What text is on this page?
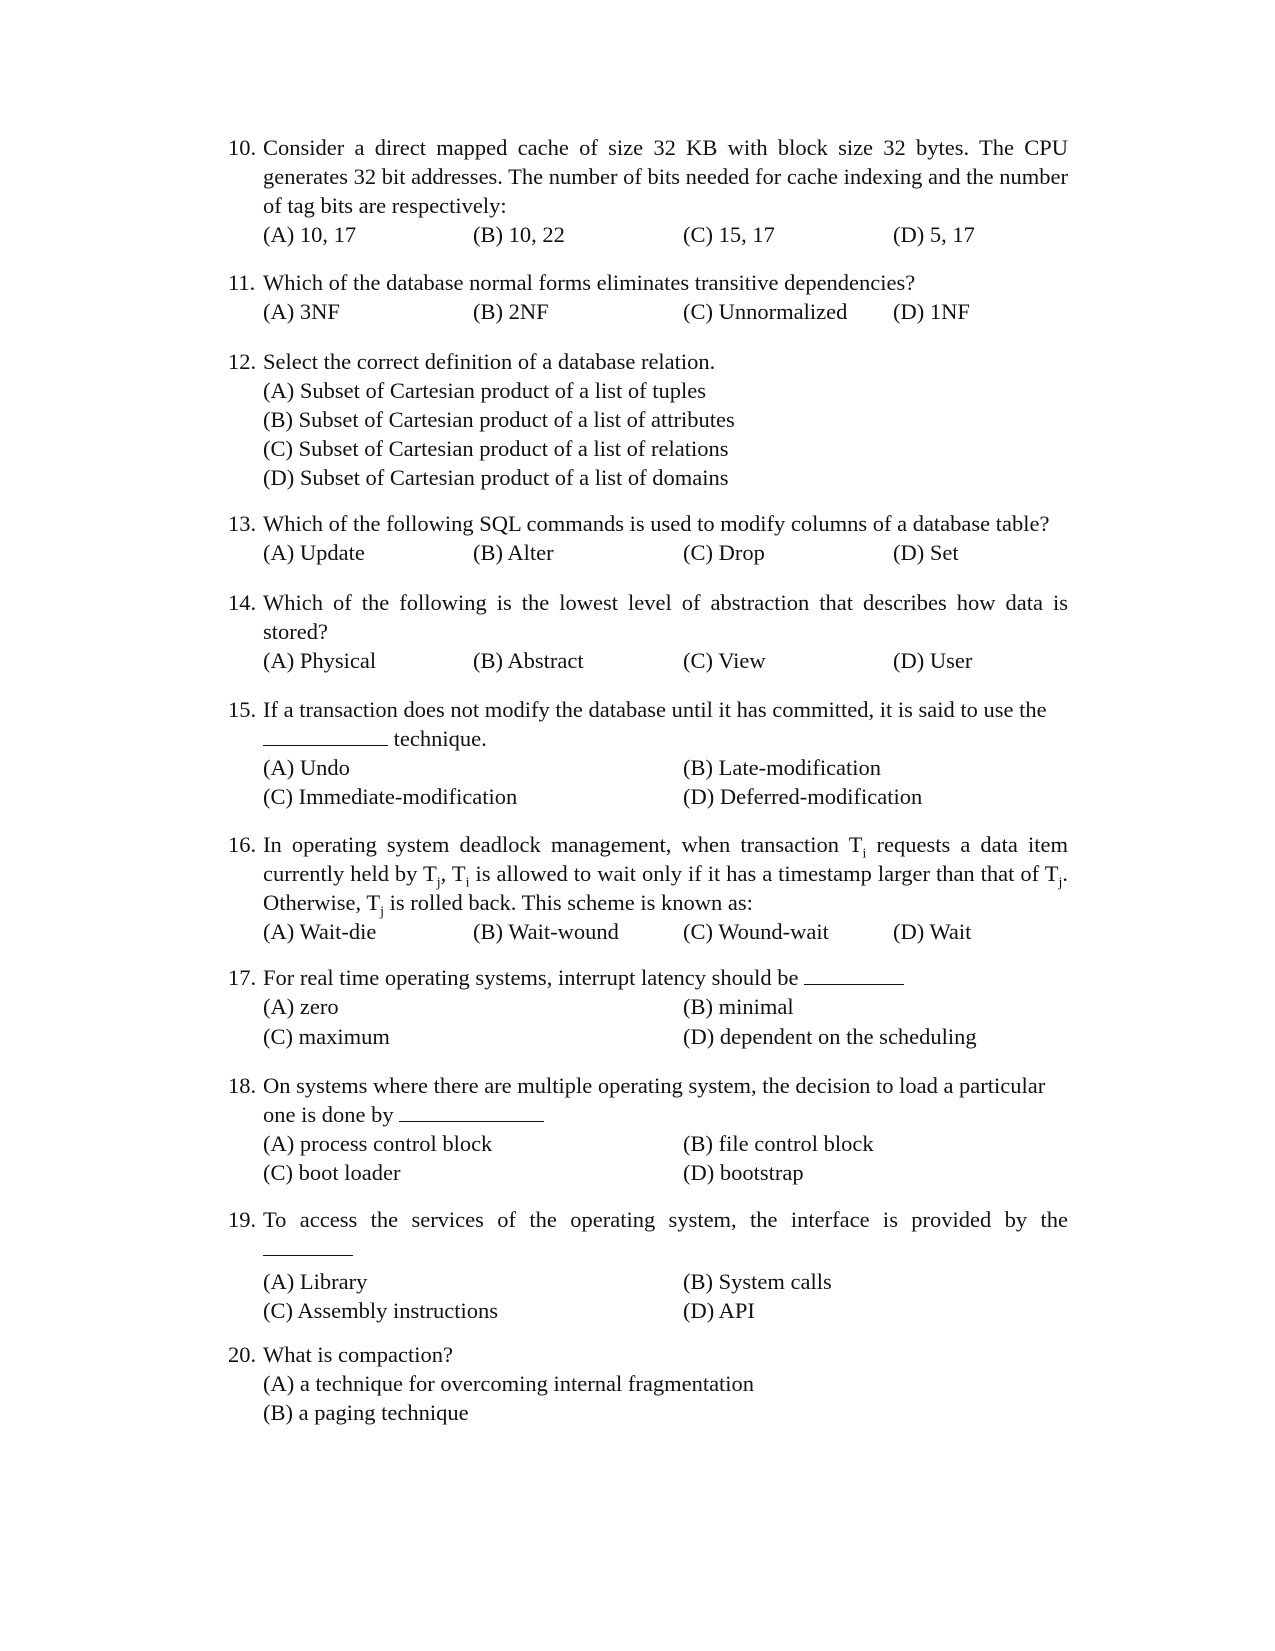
10. Consider a direct mapped cache of size 32 KB with block size 32 bytes. The CPU generates 32 bit addresses. The number of bits needed for cache indexing and the number of tag bits are respectively:
(A) 10, 17	(B) 10, 22	(C) 15, 17	(D) 5, 17
11. Which of the database normal forms eliminates transitive dependencies?
(A) 3NF	(B) 2NF	(C) Unnormalized (D) 1NF
12. Select the correct definition of a database relation.
(A) Subset of Cartesian product of a list of tuples
(B) Subset of Cartesian product of a list of attributes
(C) Subset of Cartesian product of a list of relations
(D) Subset of Cartesian product of a list of domains
13. Which of the following SQL commands is used to modify columns of a database table?
(A) Update	(B) Alter	(C) Drop	(D) Set
14. Which of the following is the lowest level of abstraction that describes how data is stored?
(A) Physical	(B) Abstract	(C) View	(D) User
15. If a transaction does not modify the database until it has committed, it is said to use the
technique.
(A) Undo	(B) Late-modification
(C) Immediate-modification	(D) Deferred-modification
16. In operating system deadlock management, when transaction $T_i$ requests a data item currently held by $T_j$, $T_i$ is allowed to wait only if it has a timestamp larger than that of $T_j$. Otherwise, $T_j$ is rolled back. This scheme is known as:
(A) Wait-die	(B) Wait-wound	(C) Wound-wait	(D) Wait
17. For real time operating systems, interrupt latency should be
(A) zero	(B) minimal
(C) maximum	(D) dependent on the scheduling
18. On systems where there are multiple operating system, the decision to load a particular
one is done by
(A) process control block	(B) file control block
(C) boot loader	(D) bootstrap
19. To access the services of the operating system, the interface is provided by the
(A) Library	(B) System calls
(C) Assembly instructions	(D) API
20. What is compaction?
(A) a technique for overcoming internal fragmentation
(B) a paging technique
